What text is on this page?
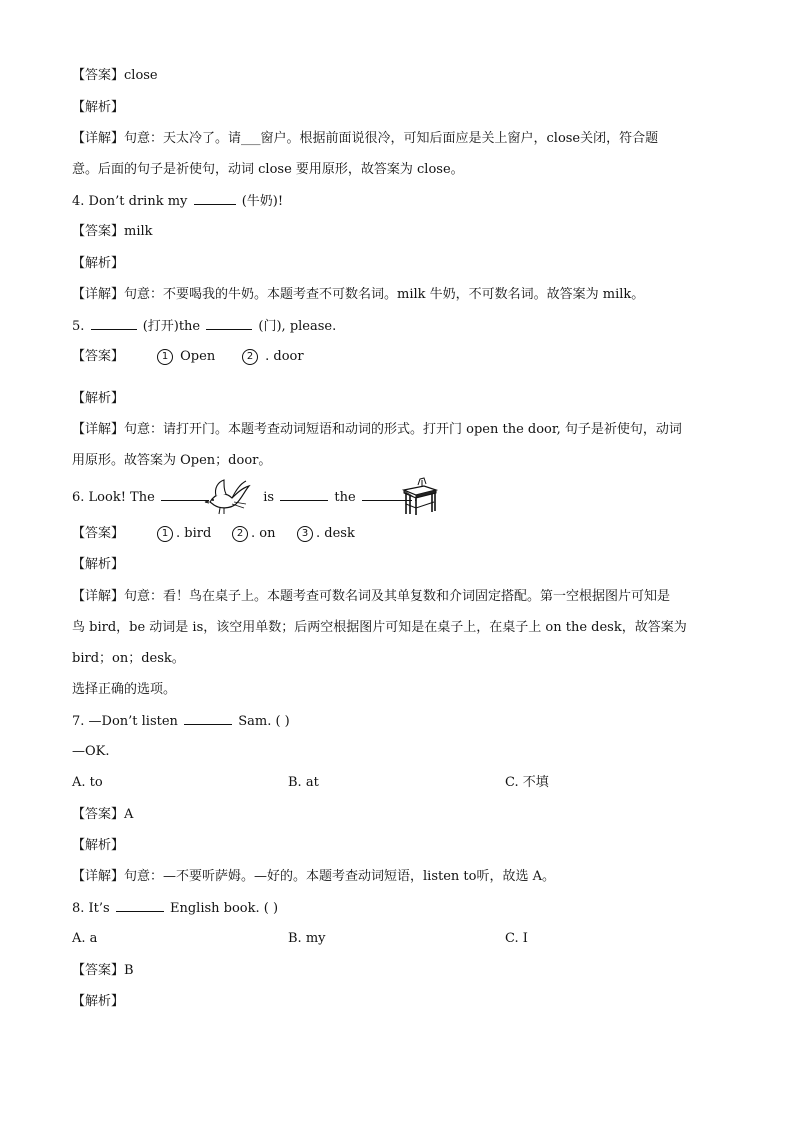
【答案】close
【解析】
【详解】句意：天太冷了。请___窗户。根据前面说很冷，可知后面应是关上窗户，close关闭，符合题
意。后面的句子是祈使句，动词 close 要用原形，故答案为 close。
4. Don’t drink my	(牛奶)!
【答案】milk
【解析】
【详解】句意：不要喝我的牛奶。本题考查不可数名词。milk 牛奶，不可数名词。故答案为 milk。
5.	(打开)the	(门), please.
【答案】	1 Open	2 . door
【解析】
【详解】句意：请打开门。本题考查动词短语和动词的形式。打开门 open the door, 句子是祈使句，动词
用原形。故答案为 Open；door。
6. Look! The	is	the
【答案】	1 . bird	2 . on	3 . desk
【解析】
【详解】句意：看！鸟在桌子上。本题考查可数名词及其单复数和介词固定搭配。第一空根据图片可知是
鸟 bird，be 动词是 is，该空用单数；后两空根据图片可知是在桌子上，在桌子上 on the desk，故答案为
bird；on；desk。
选择正确的选项。
7. —Don’t listen	Sam. ( )
—OK.
A. to	B. at	C. 不填
【答案】A
【解析】
【详解】句意：—不要听萨姆。—好的。本题考查动词短语，listen to听，故选 A。
8. It’s	English book. ( )
A. a	B. my	C. I
【答案】B
【解析】
